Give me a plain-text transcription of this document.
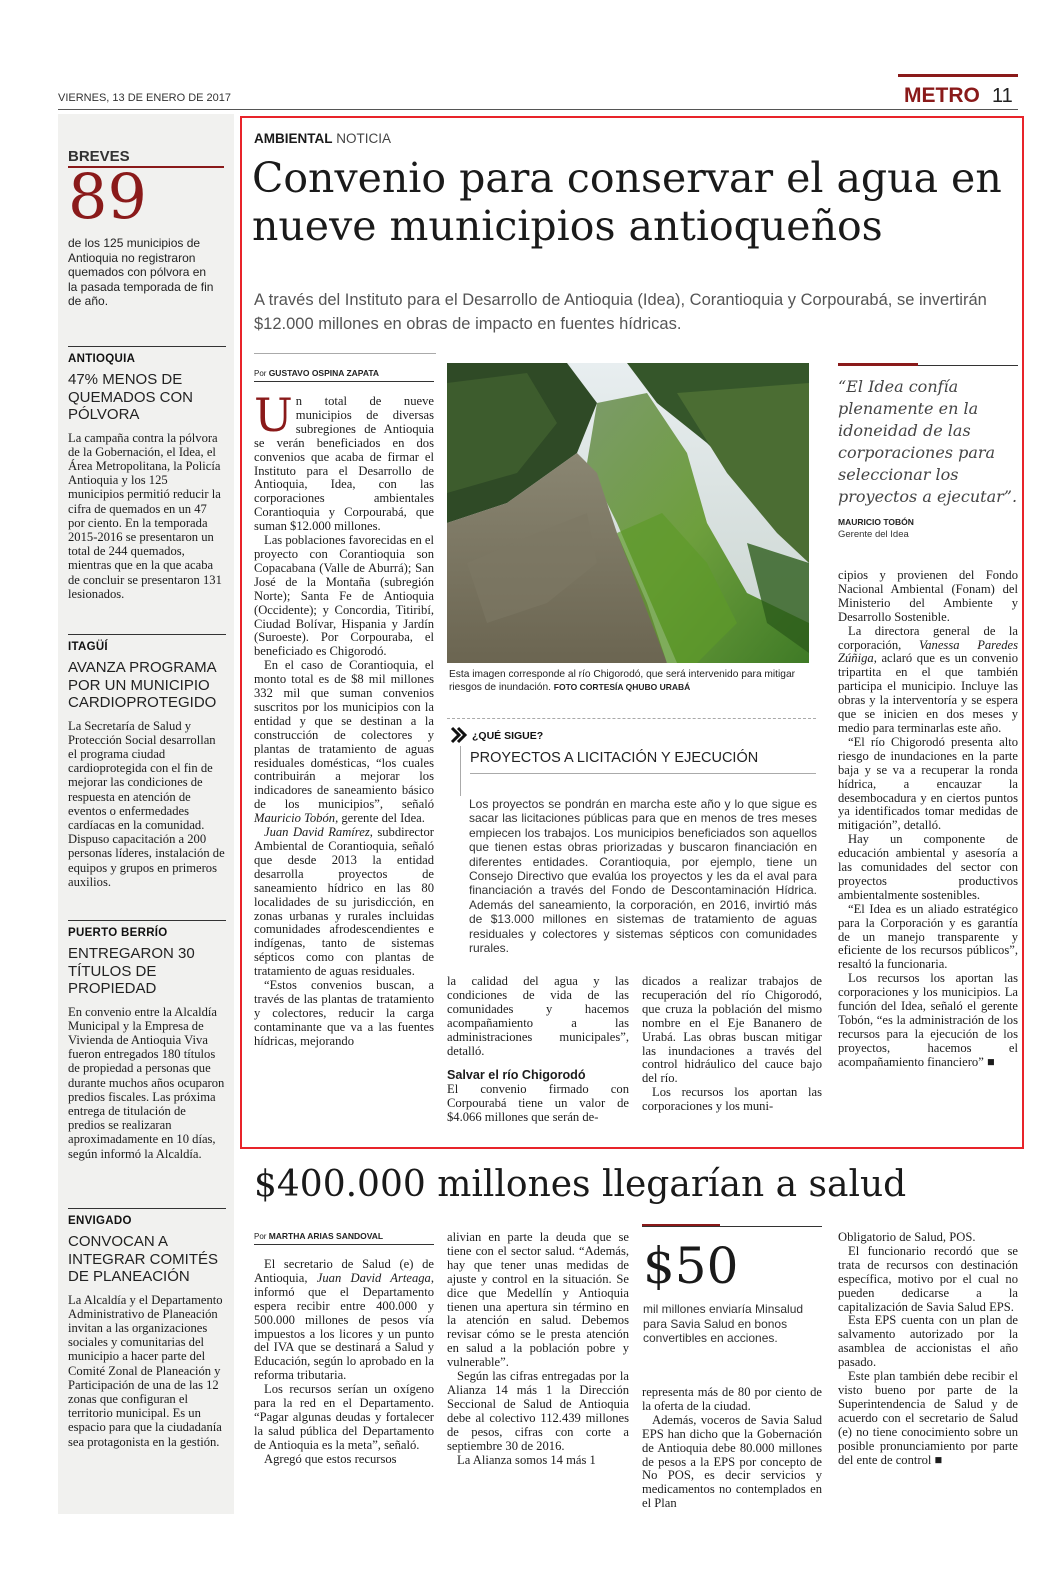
VIERNES, 13 DE ENERO DE 2017	METRO 11
BREVES
89
de los 125 municipios de Antioquia no registraron quemados con pólvora en la pasada temporada de fin de año.
ANTIOQUIA
47% MENOS DE QUEMADOS CON PÓLVORA
La campaña contra la pólvora de la Gobernación, el Idea, el Área Metropolitana, la Policía Antioquia y los 125 municipios permitió reducir la cifra de quemados en un 47 por ciento. En la temporada 2015-2016 se presentaron un total de 244 quemados, mientras que en la que acaba de concluir se presentaron 131 lesionados.
ITAGÜÍ
AVANZA PROGRAMA POR UN MUNICIPIO CARDIOPROTEGIDO
La Secretaría de Salud y Protección Social desarrollan el programa ciudad cardioprotegida con el fin de mejorar las condiciones de respuesta en atención de eventos o enfermedades cardíacas en la comunidad. Dispuso capacitación a 200 personas líderes, instalación de equipos y grupos en primeros auxilios.
PUERTO BERRÍO
ENTREGARON 30 TÍTULOS DE PROPIEDAD
En convenio entre la Alcaldía Municipal y la Empresa de Vivienda de Antioquia Viva fueron entregados 180 títulos de propiedad a personas que durante muchos años ocuparon predios fiscales. Las próxima entrega de titulación de predios se realizaran aproximadamente en 10 días, según informó la Alcaldía.
ENVIGADO
CONVOCAN A INTEGRAR COMITÉS DE PLANEACIÓN
La Alcaldía y el Departamento Administrativo de Planeación invitan a las organizaciones sociales y comunitarias del municipio a hacer parte del Comité Zonal de Planeación y Participación de una de las 12 zonas que configuran el territorio municipal. Es un espacio para que la ciudadanía sea protagonista en la gestión.
AMBIENTAL NOTICIA
Convenio para conservar el agua en nueve municipios antioqueños
A través del Instituto para el Desarrollo de Antioquia (Idea), Corantioquia y Corpourabá, se invertirán $12.000 millones en obras de impacto en fuentes hídricas.
Por GUSTAVO OSPINA ZAPATA

Un total de nueve municipios de diversas subregiones de Antioquia se verán beneficiados en dos convenios que acaba de firmar el Instituto para el Desarrollo de Antioquia, Idea, con las corporaciones ambientales Corantioquia y Corpourabá, que suman $12.000 millones.

Las poblaciones favorecidas en el proyecto con Corantioquia son Copacabana (Valle de Aburrá); San José de la Montaña (subregión Norte); Santa Fe de Antioquia (Occidente); y Concordia, Titiribí, Ciudad Bolívar, Hispania y Jardín (Suroeste). Por Corpouraba, el beneficiado es Chigorodó.

En el caso de Corantioquia, el monto total es de $8 mil millones 332 mil que suman convenios suscritos por los municipios con la entidad y que se destinan a la construcción de colectores y plantas de tratamiento de aguas residuales domésticas, “los cuales contribuirán a mejorar los indicadores de saneamiento básico de los municipios”, señaló Mauricio Tobón, gerente del Idea.

Juan David Ramírez, subdirector Ambiental de Corantioquia, señaló que desde 2013 la entidad desarrolla proyectos de saneamiento hídrico en las 80 localidades de su jurisdicción, en zonas urbanas y rurales incluidas comunidades afrodescendientes e indígenas, tanto de sistemas sépticos como con plantas de tratamiento de aguas residuales.

“Estos convenios buscan, a través de las plantas de tratamiento y colectores, reducir la carga contaminante que va a las fuentes hídricas, mejorando

Esta imagen corresponde al río Chigorodó, que será intervenido para mitigar riesgos de inundación. FOTO CORTESÍA QHUBO URABÁ
¿QUÉ SIGUE?
PROYECTOS A LICITACIÓN Y EJECUCIÓN
Los proyectos se pondrán en marcha este año y lo que sigue es sacar las licitaciones públicas para que en menos de tres meses empiecen los trabajos. Los municipios beneficiados son aquellos que tienen estas obras priorizadas y buscaron financiación en diferentes entidades. Corantioquia, por ejemplo, tiene un Consejo Directivo que evalúa los proyectos y les da el aval para financiación a través del Fondo de Descontaminación Hídrica. Además del saneamiento, la corporación, en 2016, invirtió más de $13.000 millones en sistemas de tratamiento de aguas residuales y colectores y sistemas sépticos con comunidades rurales.

la calidad del agua y las condiciones de vida de las comunidades y hacemos acompañamiento a las administraciones municipales”, detalló.

Salvar el río Chigorodó

El convenio firmado con Corpourabá tiene un valor de $4.066 millones que serán de-

dicados a realizar trabajos de recuperación del río Chigorodó, que cruza la población del mismo nombre en el Eje Bananero de Urabá. Las obras buscan mitigar las inundaciones a través del control hidráulico del cauce bajo del río.

Los recursos los aportan las corporaciones y los muni-

“El Idea confía plenamente en la idoneidad de las corporaciones para seleccionar los proyectos a ejecutar”.
MAURICIO TOBÓN
Gerente del Idea

cipios y provienen del Fondo Nacional Ambiental (Fonam) del Ministerio del Ambiente y Desarrollo Sostenible.

La directora general de la corporación, Vanessa Paredes Zúñiga, aclaró que es un convenio tripartita en el que también participa el municipio. Incluye las obras y la interventoría y se espera que se inicien en dos meses y medio para terminarlas este año.

“El río Chigorodó presenta alto riesgo de inundaciones en la parte baja y se va a recuperar la ronda hídrica, a encauzar la desembocadura y en ciertos puntos ya identificados tomar medidas de mitigación”, detalló.

Hay un componente de educación ambiental y asesoría a las comunidades del sector con proyectos productivos ambientalmente sostenibles.

“El Idea es un aliado estratégico para la Corporación y es garantía de un manejo transparente y eficiente de los recursos públicos”, resaltó la funcionaria.

Los recursos los aportan las corporaciones y los municipios. La función del Idea, señaló el gerente Tobón, “es la administración de los recursos para la ejecución de los proyectos, hacemos el acompañamiento financiero” ■

$400.000 millones llegarían a salud
Por MARTHA ARIAS SANDOVAL

El secretario de Salud (e) de Antioquia, Juan David Arteaga, informó que el Departamento espera recibir entre 400.000 y 500.000 millones de pesos vía impuestos a los licores y un punto del IVA que se destinará a Salud y Educación, según lo aprobado en la reforma tributaria.

Los recursos serían un oxígeno para la red en el Departamento. “Pagar algunas deudas y fortalecer la salud pública del Departamento de Antioquia es la meta”, señaló.

Agregó que estos recursos

alivian en parte la deuda que se tiene con el sector salud. “Además, hay que tener unas medidas de ajuste y control en la situación. Se dice que Medellín y Antioquia tienen una apertura sin término en la atención en salud. Debemos revisar cómo se le presta atención en salud a la población pobre y vulnerable”.

Según las cifras entregadas por la Alianza 14 más 1 la Dirección Seccional de Salud de Antioquia debe al colectivo 112.439 millones de pesos, cifras con corte a septiembre 30 de 2016.

La Alianza somos 14 más 1

$50
mil millones enviaría Minsalud para Savia Salud en bonos convertibles en acciones.

representa más de 80 por ciento de la oferta de la ciudad.

Además, voceros de Savia Salud EPS han dicho que la Gobernación de Antioquia debe 80.000 millones de pesos a la EPS por concepto de No POS, es decir servicios y medicamentos no contemplados en el Plan

Obligatorio de Salud, POS.

El funcionario recordó que se trata de recursos con destinación específica, motivo por el cual no pueden dedicarse a la capitalización de Savia Salud EPS.

Esta EPS cuenta con un plan de salvamento autorizado por la asamblea de accionistas el año pasado.

Este plan también debe recibir el visto bueno por parte de la Superintendencia de Salud y de acuerdo con el secretario de Salud (e) no tiene conocimiento sobre un posible pronunciamiento por parte del ente de control ■
